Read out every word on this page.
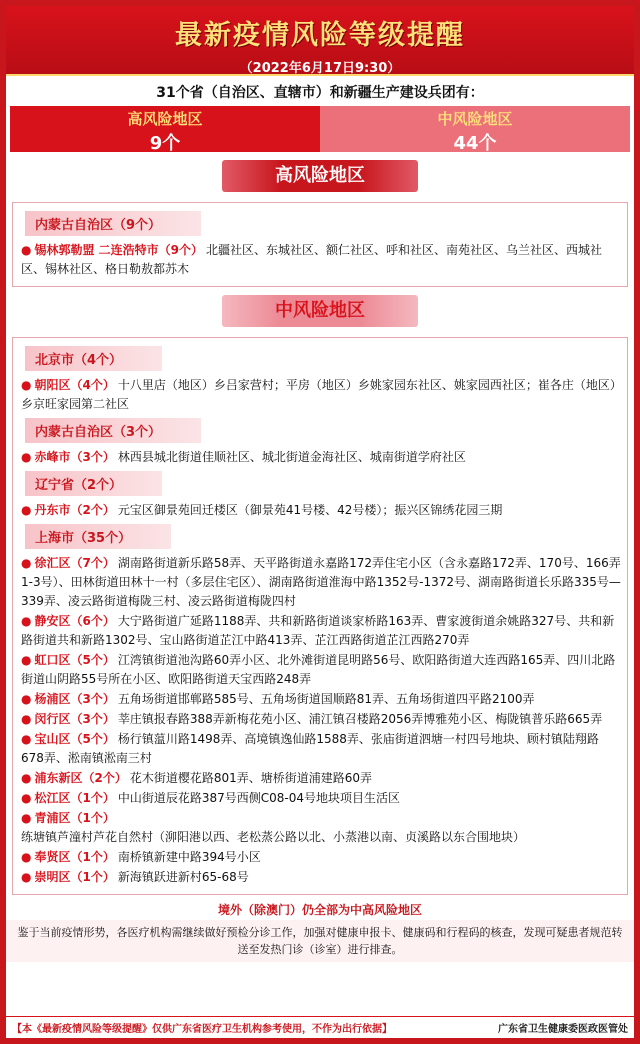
最新疫情风险等级提醒
（2022年6月17日9:30）
31个省（自治区、直辖市）和新疆生产建设兵团有：
高风险地区
9个
中风险地区
44个
高风险地区
内蒙古自治区（9个）
● 锡林郭勒盟 二连浩特市（9个） 北疆社区、东城社区、额仁社区、呼和社区、南苑社区、乌兰社区、西城社区、锡林社区、格日勒敖都苏木
中风险地区
北京市（4个）
● 朝阳区（4个） 十八里店（地区）乡吕家营村；平房（地区）乡姚家园东社区、姚家园西社区；崔各庄（地区）乡京旺家园第二社区
内蒙古自治区（3个）
● 赤峰市（3个） 林西县城北街道佳顺社区、城北街道金海社区、城南街道学府社区
辽宁省（2个）
● 丹东市（2个） 元宝区御景苑回迁楼区（御景苑41号楼、42号楼）；振兴区锦绣花园三期
上海市（35个）
● 徐汇区（7个） 湖南路街道新乐路58弄、天平路街道永嘉路172弄住宅小区（含永嘉路172弄、170号、166弄1-3号）、田林街道田林十一村（多层住宅区）、湖南路街道淮海中路1352号-1372号、湖南路街道长乐路335号—339弄、凌云路街道梅陇三村、凌云路街道梅陇四村
● 静安区（6个） 大宁路街道广延路1188弄、共和新路街道谈家桥路163弄、曹家渡街道余姚路327号、共和新路街道共和新路1302号、宝山路街道芷江中路413弄、芷江西路街道芷江西路270弄
● 虹口区（5个） 江湾镇街道池沟路60弄小区、北外滩街道昆明路56号、欧阳路街道大连西路165弄、四川北路街道山阴路55号所在小区、欧阳路街道天宝西路248弄
● 杨浦区（3个） 五角场街道邯郸路585号、五角场街道国顺路81弄、五角场街道四平路2100弄
● 闵行区（3个） 莘庄镇报春路388弄新梅花苑小区、浦江镇召楼路2056弄博雅苑小区、梅陇镇普乐路665弄
● 宝山区（5个） 杨行镇蕰川路1498弄、高境镇逸仙路1588弄、张庙街道泗塘一村四号地块、顾村镇陆翔路678弄、淞南镇淞南三村
● 浦东新区（2个） 花木街道樱花路801弄、塘桥街道浦建路60弄
● 松江区（1个） 中山街道辰花路387号西侧C08-04号地块项目生活区
● 青浦区（1个）练塘镇芦潼村芦花自然村（泖阳港以西、老松蒸公路以北、小蒸港以南、贞溪路以东合围地块）
● 奉贤区（1个） 南桥镇新建中路394号小区
● 崇明区（1个） 新海镇跃进新村65-68号
境外（除澳门）仍全部为中高风险地区
鉴于当前疫情形势，各医疗机构需继续做好预检分诊工作，加强对健康申报卡、健康码和行程码的核查，发现可疑患者规范转送至发热门诊（诊室）进行排查。
【本《最新疫情风险等级提醒》仅供广东省医疗卫生机构参考使用，不作为出行依据】	广东省卫生健康委医政医管处
